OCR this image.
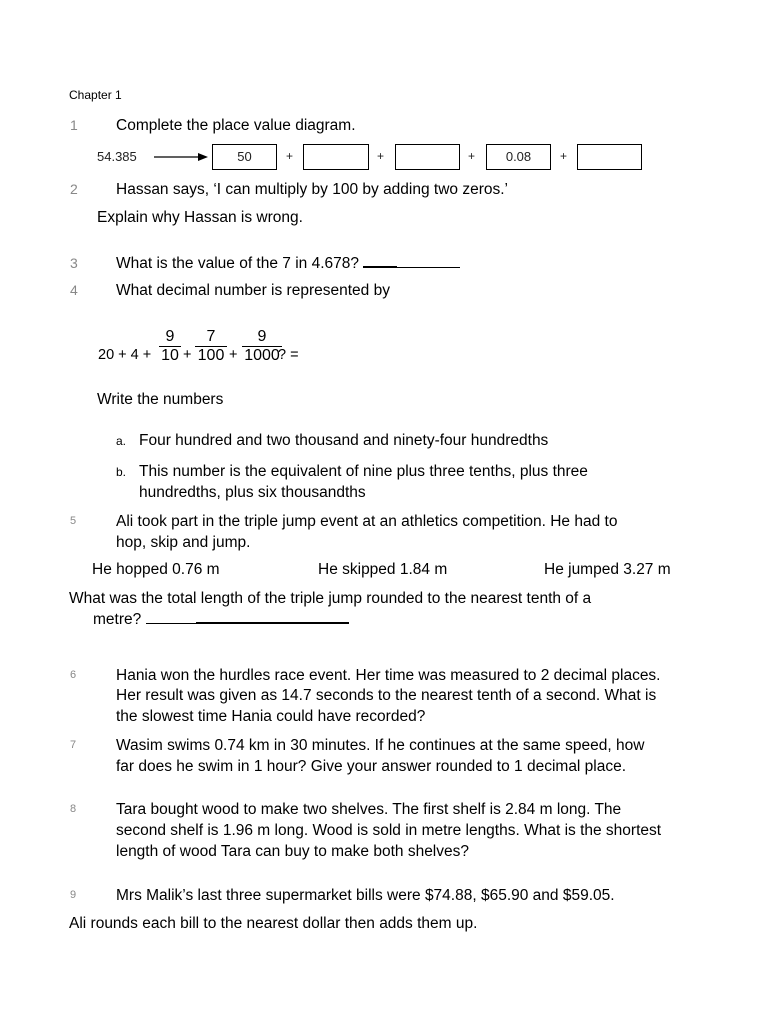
Chapter 1
1 Complete the place value diagram.
54.385	50	+	+	+	0.08	+
2 Hassan says, ‘I can multiply by 100 by adding two zeros.’
Explain why Hassan is wrong.
3 What is the value of the 7 in 4.678?
4 What decimal number is represented by
$20 + 4 + \frac{9}{10} + \frac{7}{100} + \frac{9}{1000}$
? =
Write the numbers
a. Four hundred and two thousand and ninety-four hundredths
b. This number is the equivalent of nine plus three tenths, plus three
hundredths, plus six thousandths
5	Ali took part in the triple jump event at an athletics competition. He had to
hop, skip and jump.
He hopped 0.76 m	He skipped 1.84 m	He jumped 3.27 m
What was the total length of the triple jump rounded to the nearest tenth of a
metre?
6	Hania won the hurdles race event. Her time was measured to 2 decimal places.
Her result was given as 14.7 seconds to the nearest tenth of a second. What is
the slowest time Hania could have recorded?
7	Wasim swims 0.74 km in 30 minutes. If he continues at the same speed, how
far does he swim in 1 hour? Give your answer rounded to 1 decimal place.
8	Tara bought wood to make two shelves. The first shelf is 2.84 m long. The
second shelf is 1.96 m long. Wood is sold in metre lengths. What is the shortest
length of wood Tara can buy to make both shelves?
9	Mrs Malik’s last three supermarket bills were $74.88, $65.90 and $59.05.
Ali rounds each bill to the nearest dollar then adds them up.
